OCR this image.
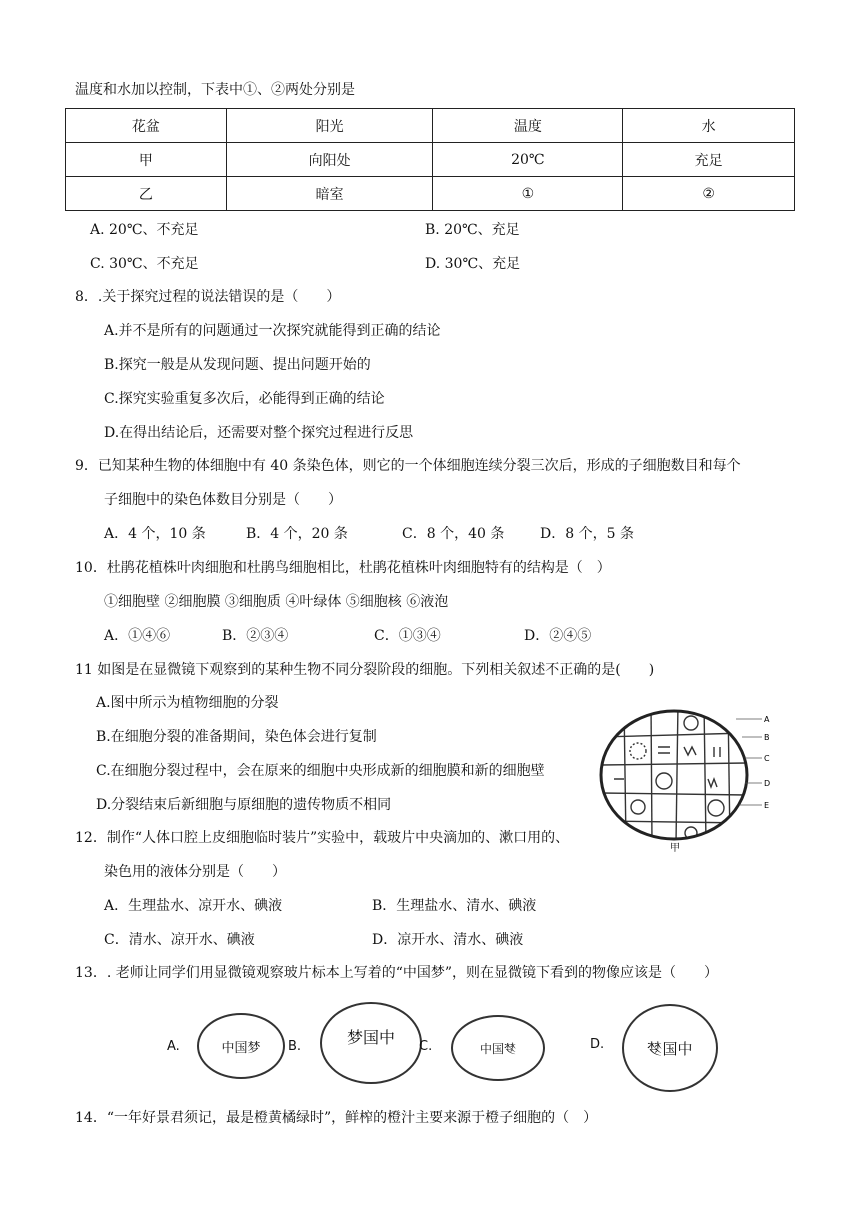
温度和水加以控制，下表中①、②两处分别是
花盆	阳光	温度	水
甲	向阳处	20℃	充足
乙	暗室	①	②
A. 20℃、不充足	B. 20℃、充足
C. 30℃、不充足	D. 30℃、充足
8．.关于探究过程的说法错误的是（　　）
A.并不是所有的问题通过一次探究就能得到正确的结论
B.探究一般是从发现问题、提出问题开始的
C.探究实验重复多次后，必能得到正确的结论
D.在得出结论后，还需要对整个探究过程进行反思
9．已知某种生物的体细胞中有 40 条染色体，则它的一个体细胞连续分裂三次后，形成的子细胞数目和每个
子细胞中的染色体数目分别是（　　）
A．4 个，10 条	B．4 个，20 条	C．8 个，40 条	D．8 个，5 条
10．杜鹃花植株叶肉细胞和杜鹃鸟细胞相比，杜鹃花植株叶肉细胞特有的结构是（　）
①细胞壁 ②细胞膜 ③细胞质 ④叶绿体 ⑤细胞核 ⑥液泡
A．①④⑥	B．②③④	C．①③④	D．②④⑤
11 如图是在显微镜下观察到的某种生物不同分裂阶段的细胞。下列相关叙述不正确的是(　　)
A.图中所示为植物细胞的分裂
B.在细胞分裂的准备期间，染色体会进行复制
C.在细胞分裂过程中，会在原来的细胞中央形成新的细胞膜和新的细胞壁
D.分裂结束后新细胞与原细胞的遗传物质不相同
A
B
C
D
E
甲
12．制作“人体口腔上皮细胞临时装片”实验中，载玻片中央滴加的、漱口用的、
染色用的液体分别是（　　）
A．生理盐水、凉开水、碘液	B．生理盐水、清水、碘液
C．清水、凉开水、碘液	D．凉开水、清水、碘液
13．. 老师让同学们用显微镜观察玻片标本上写着的“中国梦”，则在显微镜下看到的物像应该是（　　）
A.	中国梦 B.	梦国中 C.	中国 梦	D.	梦 国中
14．“一年好景君须记，最是橙黄橘绿时”，鲜榨的橙汁主要来源于橙子细胞的（　）
